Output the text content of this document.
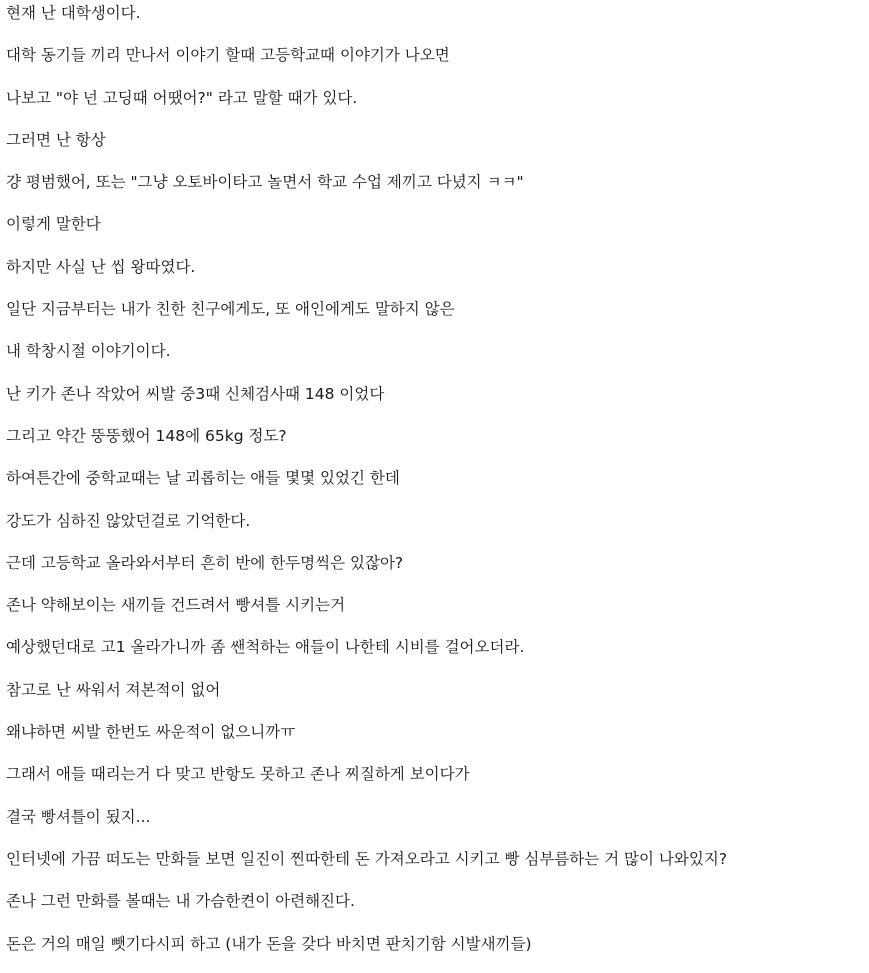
현재 난 대학생이다.
대학 동기들 끼리 만나서 이야기 할때 고등학교때 이야기가 나오면
나보고 "야 넌 고딩때 어땠어?" 라고 말할 때가 있다.
그러면 난 항상
걍 평범했어, 또는 "그냥 오토바이타고 놀면서 학교 수업 제끼고 다녔지 ㅋㅋ"
이렇게 말한다
하지만 사실 난 씹 왕따였다.
일단 지금부터는 내가 친한 친구에게도, 또 애인에게도 말하지 않은
내 학창시절 이야기이다.
난 키가 존나 작았어 씨발 중3때 신체검사때 148 이었다
그리고 약간 뚱뚱했어 148에 65kg 정도?
하여튼간에 중학교때는 날 괴롭히는 애들 몇몇 있었긴 한데
강도가 심하진 않았던걸로 기억한다.
근데 고등학교 올라와서부터 흔히 반에 한두명씩은 있잖아?
존나 약해보이는 새끼들 건드려서 빵셔틀 시키는거
예상했던대로 고1 올라가니까 좀 쌘척하는 애들이 나한테 시비를 걸어오더라.
참고로 난 싸워서 져본적이 없어
왜냐하면 씨발 한번도 싸운적이 없으니까ㅠ
그래서 애들 때리는거 다 맞고 반항도 못하고 존나 찌질하게 보이다가
결국 빵셔틀이 됬지...
인터넷에 가끔 떠도는 만화들 보면 일진이 찐따한테 돈 가져오라고 시키고 빵 심부름하는 거 많이 나와있지?
존나 그런 만화를 볼때는 내 가슴한켠이 아련해진다.
돈은 거의 매일 뺏기다시피 하고 (내가 돈을 갖다 바치면 판치기함 시발새끼들)
